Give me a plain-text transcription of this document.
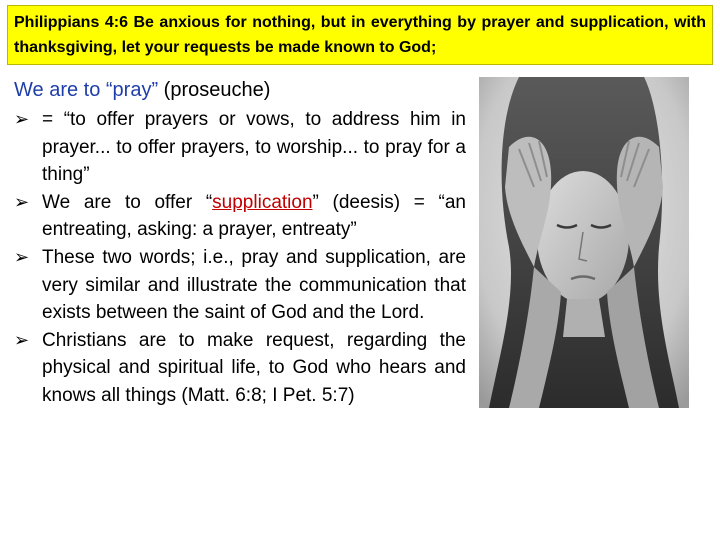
Philippians 4:6 Be anxious for nothing, but in everything by prayer and supplication, with thanksgiving, let your requests be made known to God;

We are to “pray” (proseuche)

➢ = “to offer prayers or vows, to address him in prayer... to offer prayers, to worship... to pray for a thing”
➢ We are to offer “supplication” (deesis) = “an entreating, asking: a prayer, entreaty”
➢ These two words; i.e., pray and supplication, are very similar and illustrate the communication that exists between the saint of God and the Lord.
➢ Christians are to make request, regarding the physical and spiritual life, to God who hears and knows all things (Matt. 6:8; I Pet. 5:7)
